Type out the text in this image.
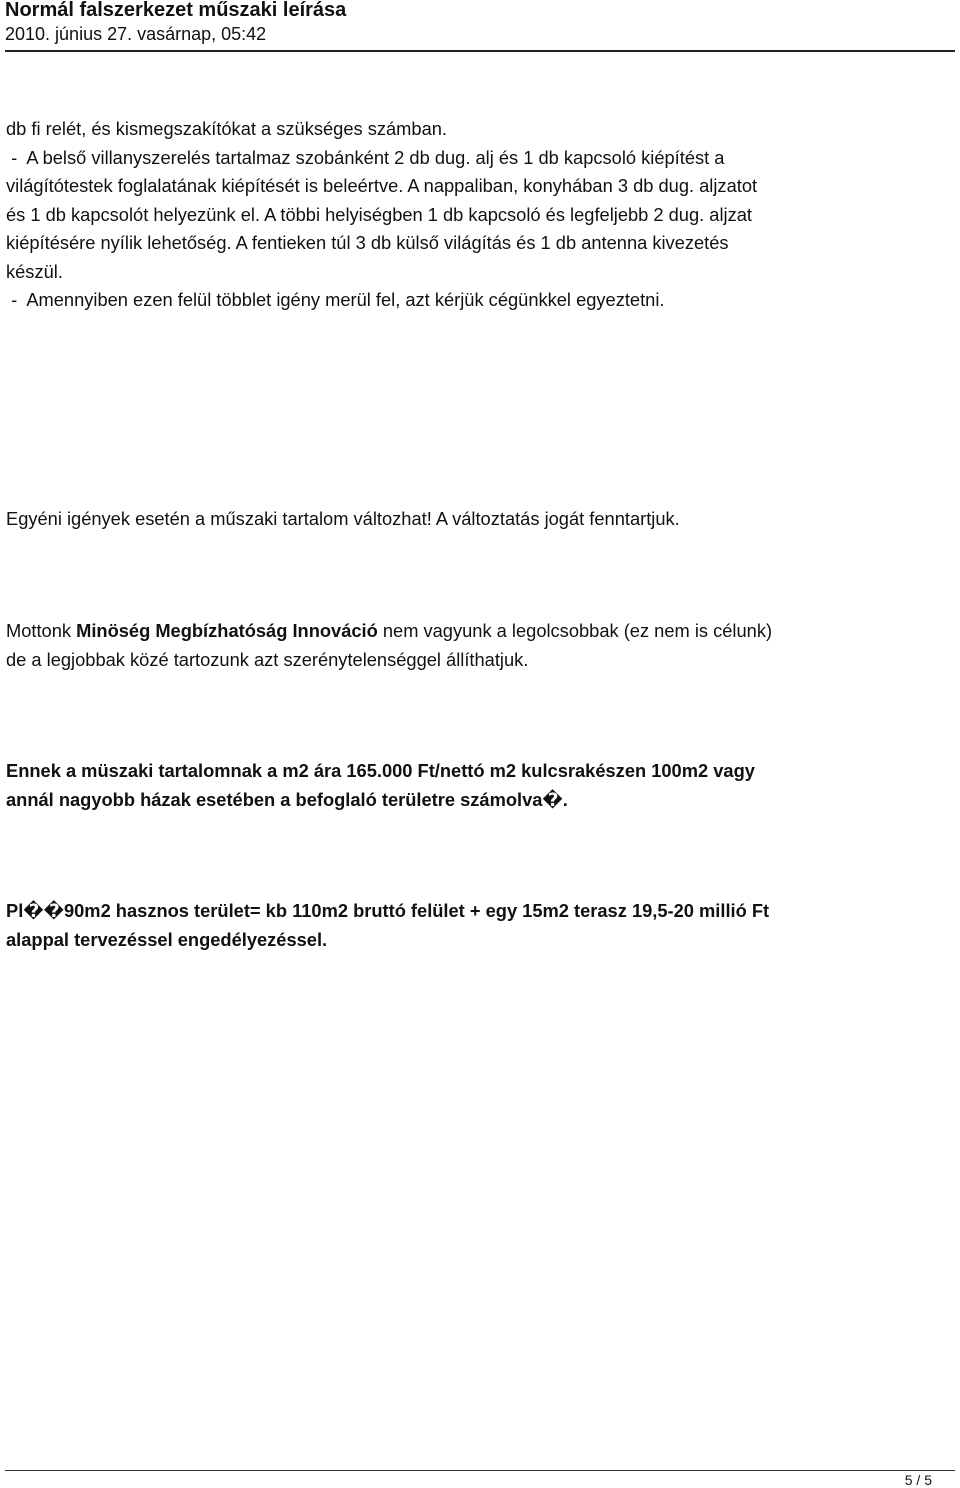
Normál falszerkezet műszaki leírása
2010. június 27. vasárnap, 05:42
db fi relét, és kismegszakítókat a szükséges számban.
-  A belső villanyszerelés tartalmaz szobánként 2 db dug. alj és 1 db kapcsoló kiépítést a
világítótestek foglalatának kiépítését is beleértve. A nappaliban, konyhában 3 db dug. aljzatot
és 1 db kapcsolót helyezünk el. A többi helyiségben 1 db kapcsoló és legfeljebb 2 dug. aljzat
kiépítésére nyílik lehetőség. A fentieken túl 3 db külső világítás és 1 db antenna kivezetés
készül.
-  Amennyiben ezen felül többlet igény merül fel, azt kérjük cégünkkel egyeztetni.
Egyéni igények esetén a műszaki tartalom változhat! A változtatás jogát fenntartjuk.
Mottonk Minöség Megbízhatóság Innováció nem vagyunk a legolcsobbak (ez nem is célunk)
de a legjobbak közé tartozunk azt szerénytelenséggel állíthatjuk.
Ennek a müszaki tartalomnak a m2 ára 165.000 Ft/nettó m2 kulcsrakészen 100m2 vagy
annál nagyobb házak esetében a befoglaló területre számolva�.
Pl��90m2 hasznos terület= kb 110m2 bruttó felület + egy 15m2 terasz 19,5-20 millió Ft
alappal tervezéssel engedélyezéssel.
5 / 5
